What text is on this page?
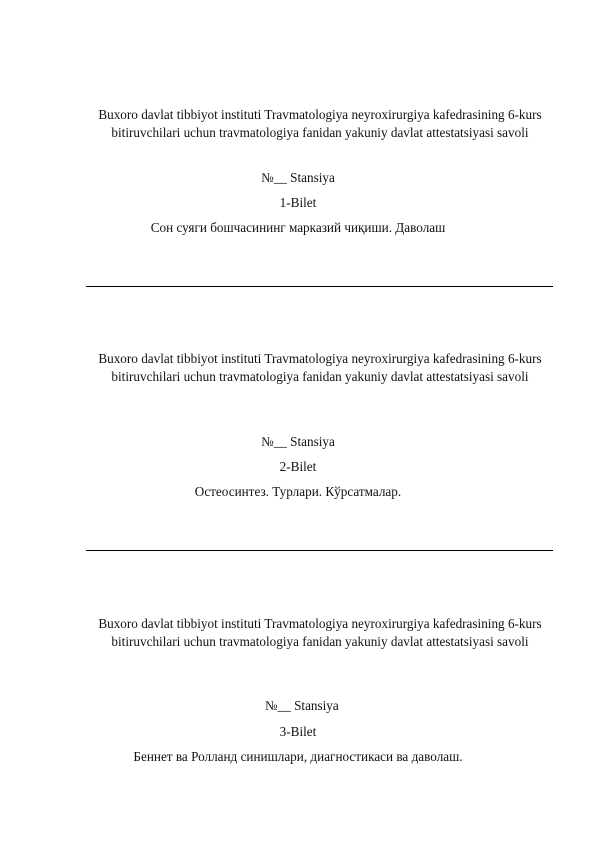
Buxoro davlat tibbiyot instituti Travmatologiya neyroxirurgiya kafedrasining 6-kurs bitiruvchilari uchun travmatologiya fanidan yakuniy davlat attestatsiyasi savoli
№__ Stansiya
1-Bilet
Сон суяги бошчасининг марказий чиқиши. Даволаш
Buxoro davlat tibbiyot instituti Travmatologiya neyroxirurgiya kafedrasining 6-kurs bitiruvchilari uchun travmatologiya fanidan yakuniy davlat attestatsiyasi savoli
№__ Stansiya
2-Bilet
Остеосинтез. Турлари. Кўрсатмалар.
Buxoro davlat tibbiyot instituti Travmatologiya neyroxirurgiya kafedrasining 6-kurs bitiruvchilari uchun travmatologiya fanidan yakuniy davlat attestatsiyasi savoli
№__ Stansiya
3-Bilet
Беннет ва Ролланд синишлари, диагностикаси ва даволаш.
